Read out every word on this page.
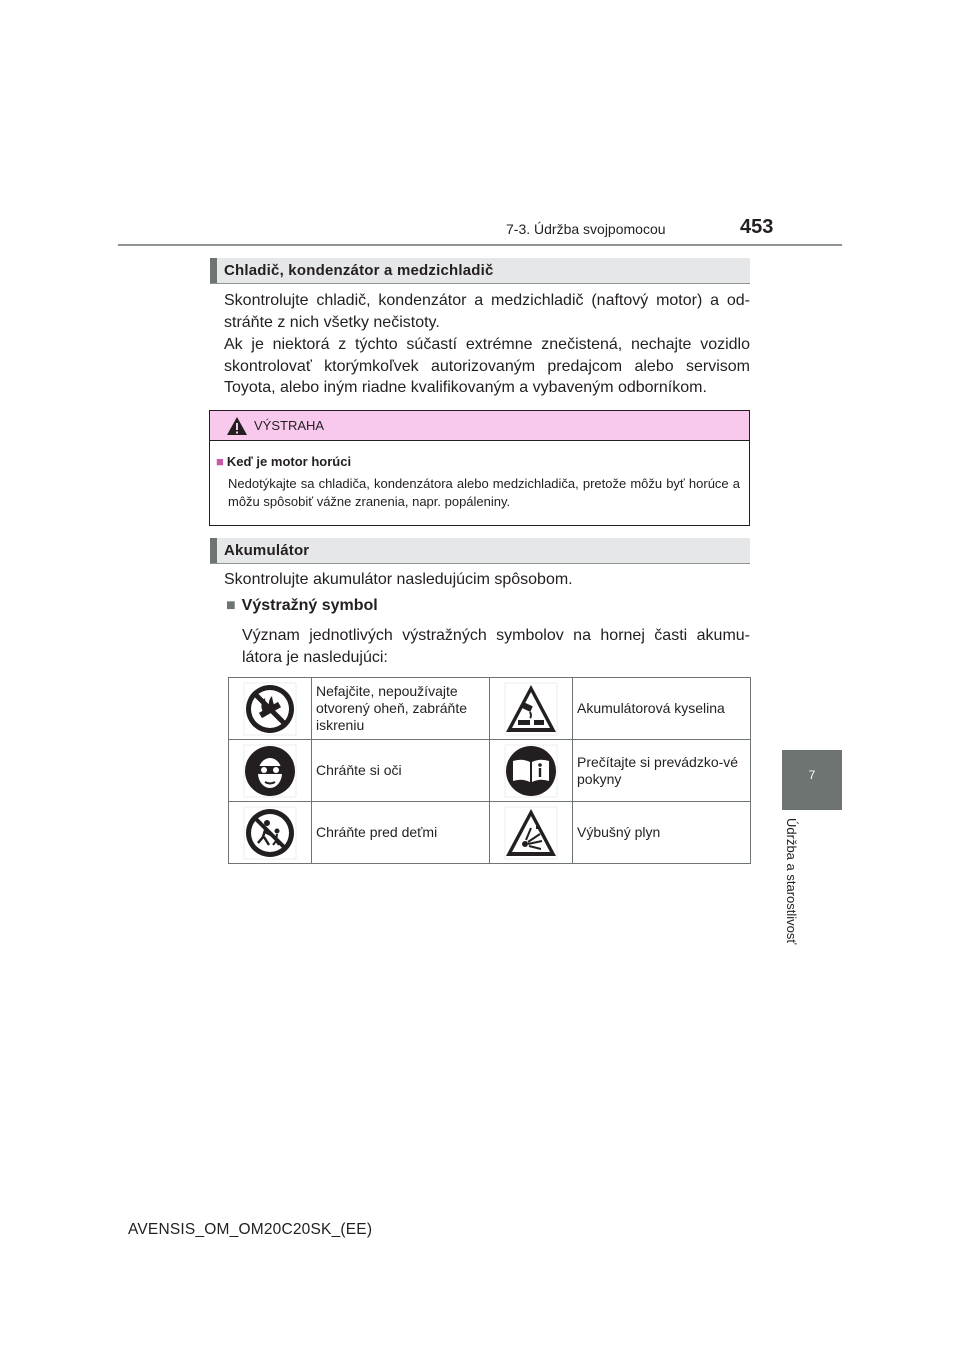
7-3. Údržba svojpomocou	453
7
Údržba a starostlivosť
Chladič, kondenzátor a medzichladič
Skontrolujte chladič, kondenzátor a medzichladič (naftový motor) a od-stráňte z nich všetky nečistoty.
Ak je niektorá z týchto súčastí extrémne znečistená, nechajte vozidlo skontrolovať ktorýmkoľvek autorizovaným predajcom alebo servisom Toyota, alebo iným riadne kvalifikovaným a vybaveným odborníkom.
VÝSTRAHA
■ Keď je motor horúci
Nedotýkajte sa chladiča, kondenzátora alebo medzichladiča, pretože môžu byť horúce a môžu spôsobiť vážne zranenia, napr. popáleniny.
Akumulátor
Skontrolujte akumulátor nasledujúcim spôsobom.
■ Výstražný symbol
Význam jednotlivých výstražných symbolov na hornej časti akumu-látora je nasledujúci:
	Nefajčite, nepoužívajte otvorený oheň, zabráňte iskreniu		Akumulátorová kyselina

	Chráňte si oči		Prečítajte si prevádzko-vé pokyny

	Chráňte pred deťmi		Výbušný plyn
AVENSIS_OM_OM20C20SK_(EE)
